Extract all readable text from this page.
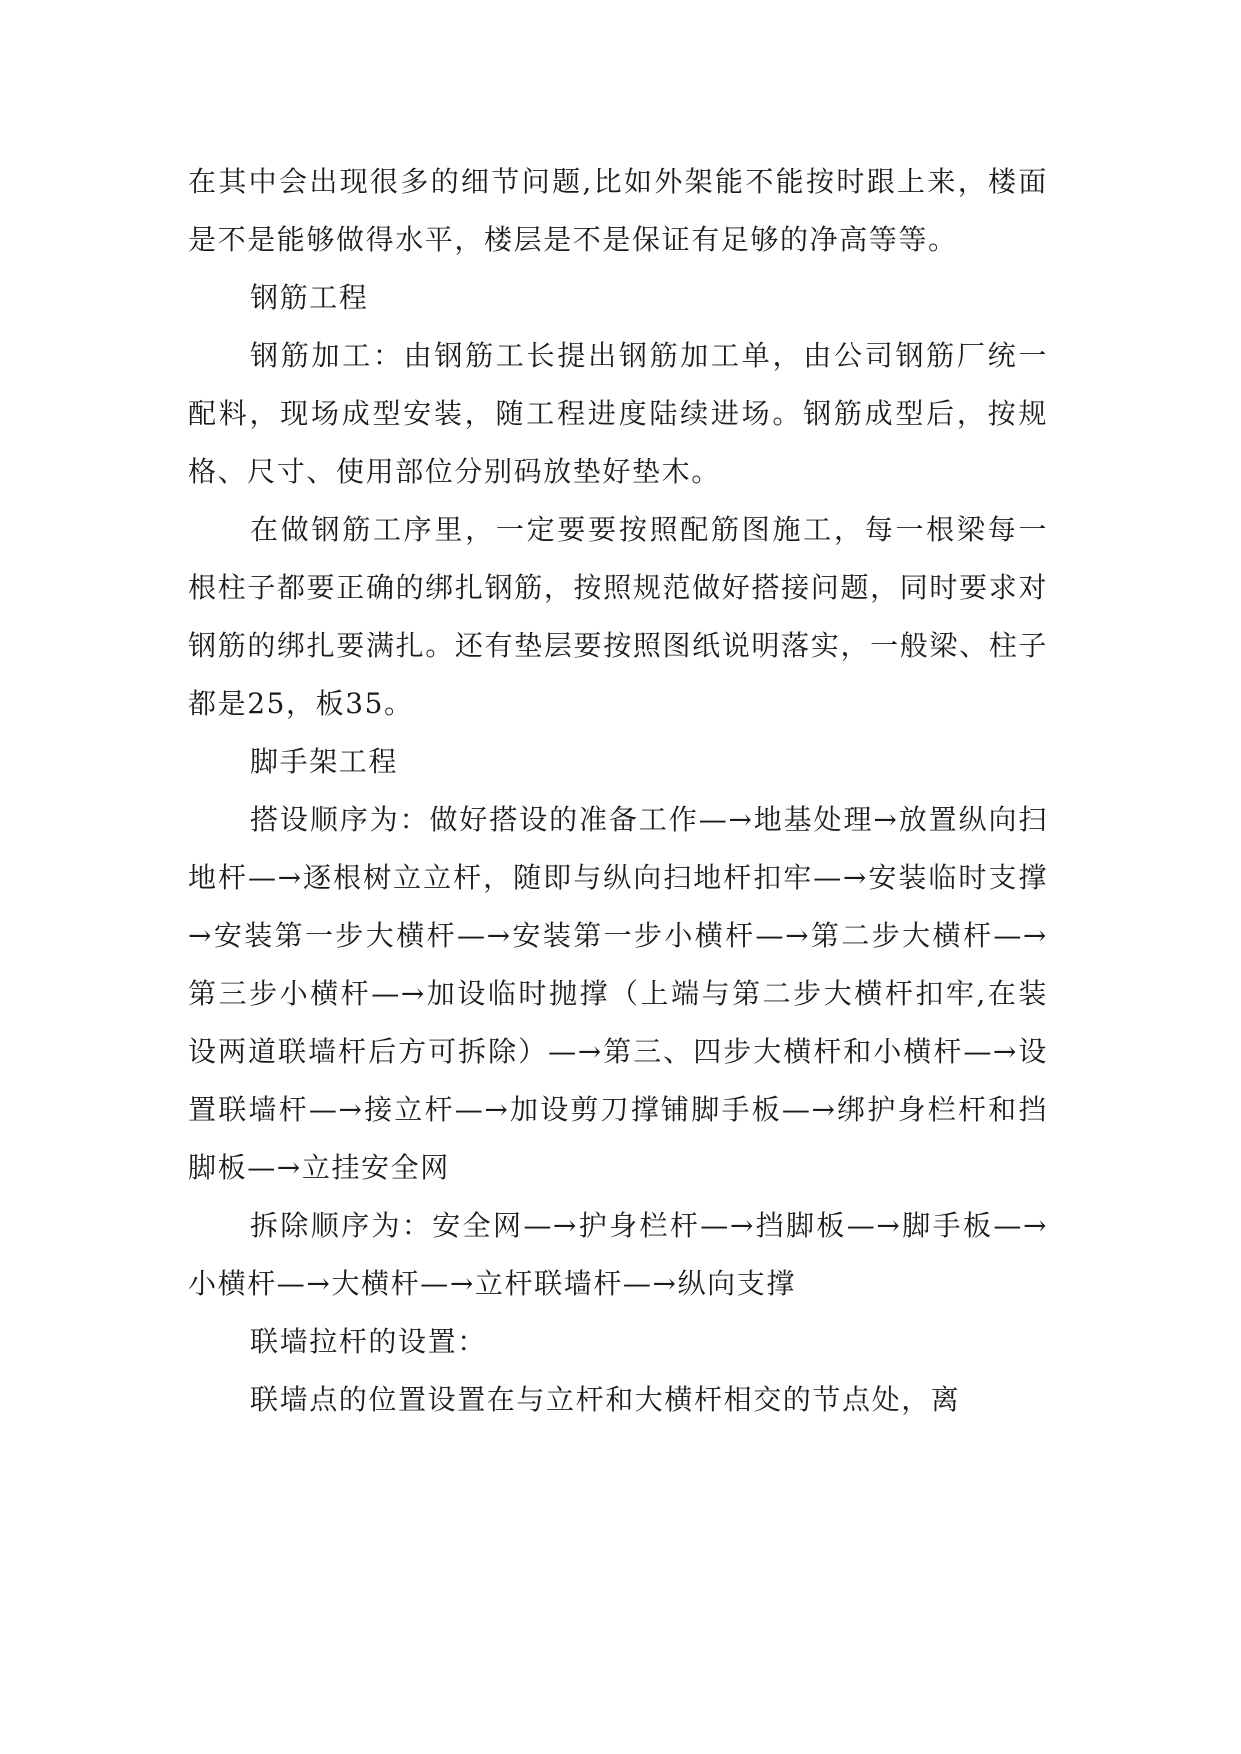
在其中会出现很多的细节问题,比如外架能不能按时跟上来，楼面是不是能够做得水平，楼层是不是保证有足够的净高等等。

钢筋工程

钢筋加工：由钢筋工长提出钢筋加工单，由公司钢筋厂统一配料，现场成型安装，随工程进度陆续进场。钢筋成型后，按规格、尺寸、使用部位分别码放垫好垫木。

在做钢筋工序里，一定要要按照配筋图施工，每一根梁每一根柱子都要正确的绑扎钢筋，按照规范做好搭接问题，同时要求对钢筋的绑扎要满扎。还有垫层要按照图纸说明落实，一般梁、柱子都是25，板35。

脚手架工程

搭设顺序为：做好搭设的准备工作—→地基处理→放置纵向扫地杆—→逐根树立立杆，随即与纵向扫地杆扣牢—→安装临时支撑→安装第一步大横杆—→安装第一步小横杆—→第二步大横杆—→第三步小横杆—→加设临时抛撑（上端与第二步大横杆扣牢,在装设两道联墙杆后方可拆除）—→第三、四步大横杆和小横杆—→设置联墙杆—→接立杆—→加设剪刀撑铺脚手板—→绑护身栏杆和挡脚板—→立挂安全网

拆除顺序为：安全网—→护身栏杆—→挡脚板—→脚手板—→小横杆—→大横杆—→立杆联墙杆—→纵向支撑

联墙拉杆的设置：

联墙点的位置设置在与立杆和大横杆相交的节点处，离
